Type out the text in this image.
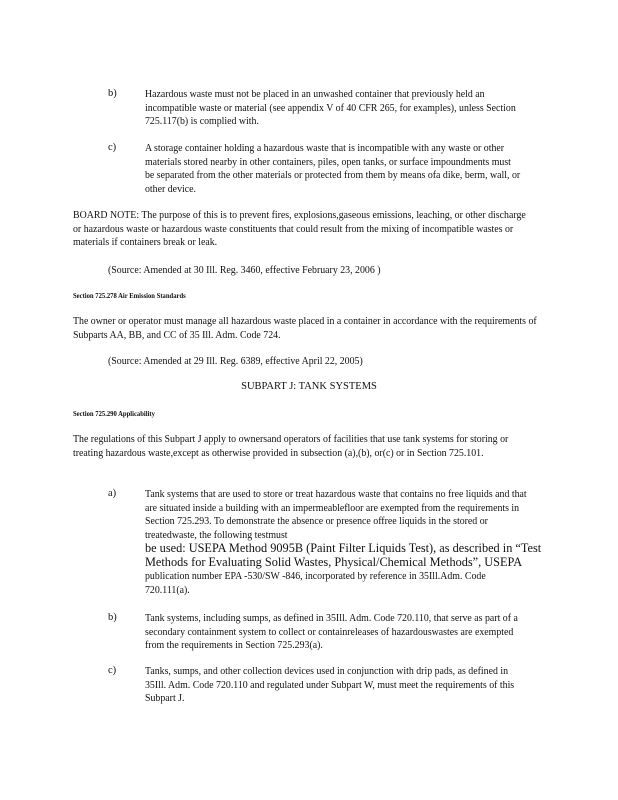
b)	Hazardous waste must not be placed in an unwashed container that previously held an incompatible waste or material (see appendix V of 40 CFR 265, for examples), unless Section 725.117(b) is complied with.
c)	A storage container holding a hazardous waste that is incompatible with any waste or other materials stored nearby in other containers, piles, open tanks, or surface impoundments must be separated from the other materials or protected from them by means ofa dike, berm, wall, or other device.
BOARD NOTE: The purpose of this is to prevent fires, explosions,gaseous emissions, leaching, or other discharge or hazardous waste or hazardous waste constituents that could result from the mixing of incompatible wastes or materials if containers break or leak.
(Source: Amended at 30 Ill. Reg. 3460, effective February 23, 2006 )
Section 725.278 Air Emission Standards
The owner or operator must manage all hazardous waste placed in a container in accordance with the requirements of Subparts AA, BB, and CC of 35 Ill. Adm. Code 724.
(Source: Amended at 29 Ill. Reg. 6389, effective April 22, 2005)
SUBPART J: TANK SYSTEMS
Section 725.290 Applicability
The regulations of this Subpart J apply to ownersand operators of facilities that use tank systems for storing or treating hazardous waste,except as otherwise provided in subsection (a),(b), or(c) or in Section 725.101.
a)	Tank systems that are used to store or treat hazardous waste that contains no free liquids and that are situated inside a building with an impermeablefloor are exempted from the requirements in Section 725.293. To demonstrate the absence or presence offree liquids in the stored or treatedwaste, the following testmust
be used: USEPA Method 9095B (Paint Filter Liquids Test), as described in “Test Methods for Evaluating Solid Wastes, Physical/Chemical Methods”, USEPA
publication number EPA -530/SW -846, incorporated by reference in 35Ill.Adm. Code 720.111(a).
b)	Tank systems, including sumps, as defined in 35Ill. Adm. Code 720.110, that serve as part of a secondary containment system to collect or containreleases of hazardouswastes are exempted from the requirements in Section 725.293(a).
c)	Tanks, sumps, and other collection devices used in conjunction with drip pads, as defined in 35Ill. Adm. Code 720.110 and regulated under Subpart W, must meet the requirements of this Subpart J.
